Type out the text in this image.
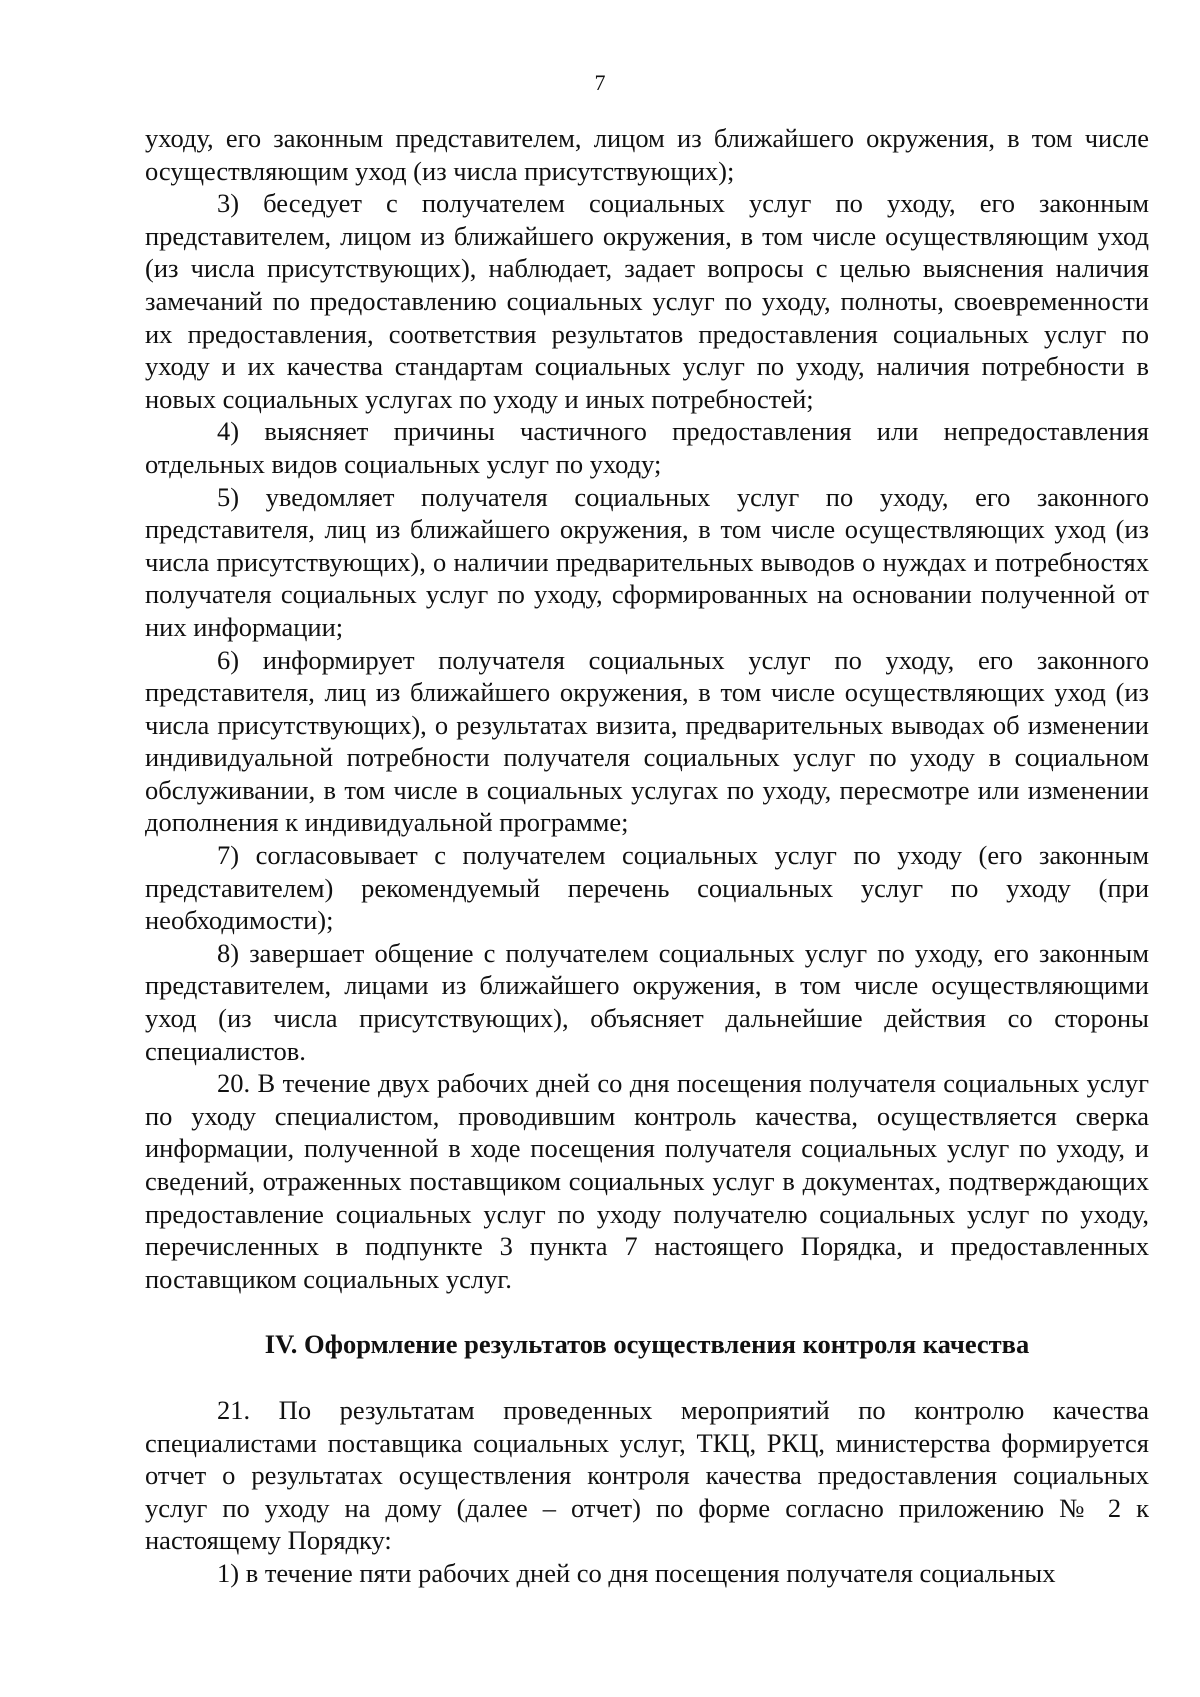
7

уходу, его законным представителем, лицом из ближайшего окружения, в том числе осуществляющим уход (из числа присутствующих);

3) беседует с получателем социальных услуг по уходу, его законным представителем, лицом из ближайшего окружения, в том числе осуществляющим уход (из числа присутствующих), наблюдает, задает вопросы с целью выяснения наличия замечаний по предоставлению социальных услуг по уходу, полноты, своевременности их предоставления, соответствия результатов предоставления социальных услуг по уходу и их качества стандартам социальных услуг по уходу, наличия потребности в новых социальных услугах по уходу и иных потребностей;

4) выясняет причины частичного предоставления или непредоставления отдельных видов социальных услуг по уходу;

5) уведомляет получателя социальных услуг по уходу, его законного представителя, лиц из ближайшего окружения, в том числе осуществляющих уход (из числа присутствующих), о наличии предварительных выводов о нуждах и потребностях получателя социальных услуг по уходу, сформированных на основании полученной от них информации;

6) информирует получателя социальных услуг по уходу, его законного представителя, лиц из ближайшего окружения, в том числе осуществляющих уход (из числа присутствующих), о результатах визита, предварительных выводах об изменении индивидуальной потребности получателя социальных услуг по уходу в социальном обслуживании, в том числе в социальных услугах по уходу, пересмотре или изменении дополнения к индивидуальной программе;

7) согласовывает с получателем социальных услуг по уходу (его законным представителем) рекомендуемый перечень социальных услуг по уходу (при необходимости);

8) завершает общение с получателем социальных услуг по уходу, его законным представителем, лицами из ближайшего окружения, в том числе осуществляющими уход (из числа присутствующих), объясняет дальнейшие действия со стороны специалистов.

20. В течение двух рабочих дней со дня посещения получателя социальных услуг по уходу специалистом, проводившим контроль качества, осуществляется сверка информации, полученной в ходе посещения получателя социальных услуг по уходу, и сведений, отраженных поставщиком социальных услуг в документах, подтверждающих предоставление социальных услуг по уходу получателю социальных услуг по уходу, перечисленных в подпункте 3 пункта 7 настоящего Порядка, и предоставленных поставщиком социальных услуг.

IV. Оформление результатов осуществления контроля качества

21. По результатам проведенных мероприятий по контролю качества специалистами поставщика социальных услуг, ТКЦ, РКЦ, министерства формируется отчет о результатах осуществления контроля качества предоставления социальных услуг по уходу на дому (далее – отчет) по форме согласно приложению № 2 к настоящему Порядку:

1) в течение пяти рабочих дней со дня посещения получателя социальных
